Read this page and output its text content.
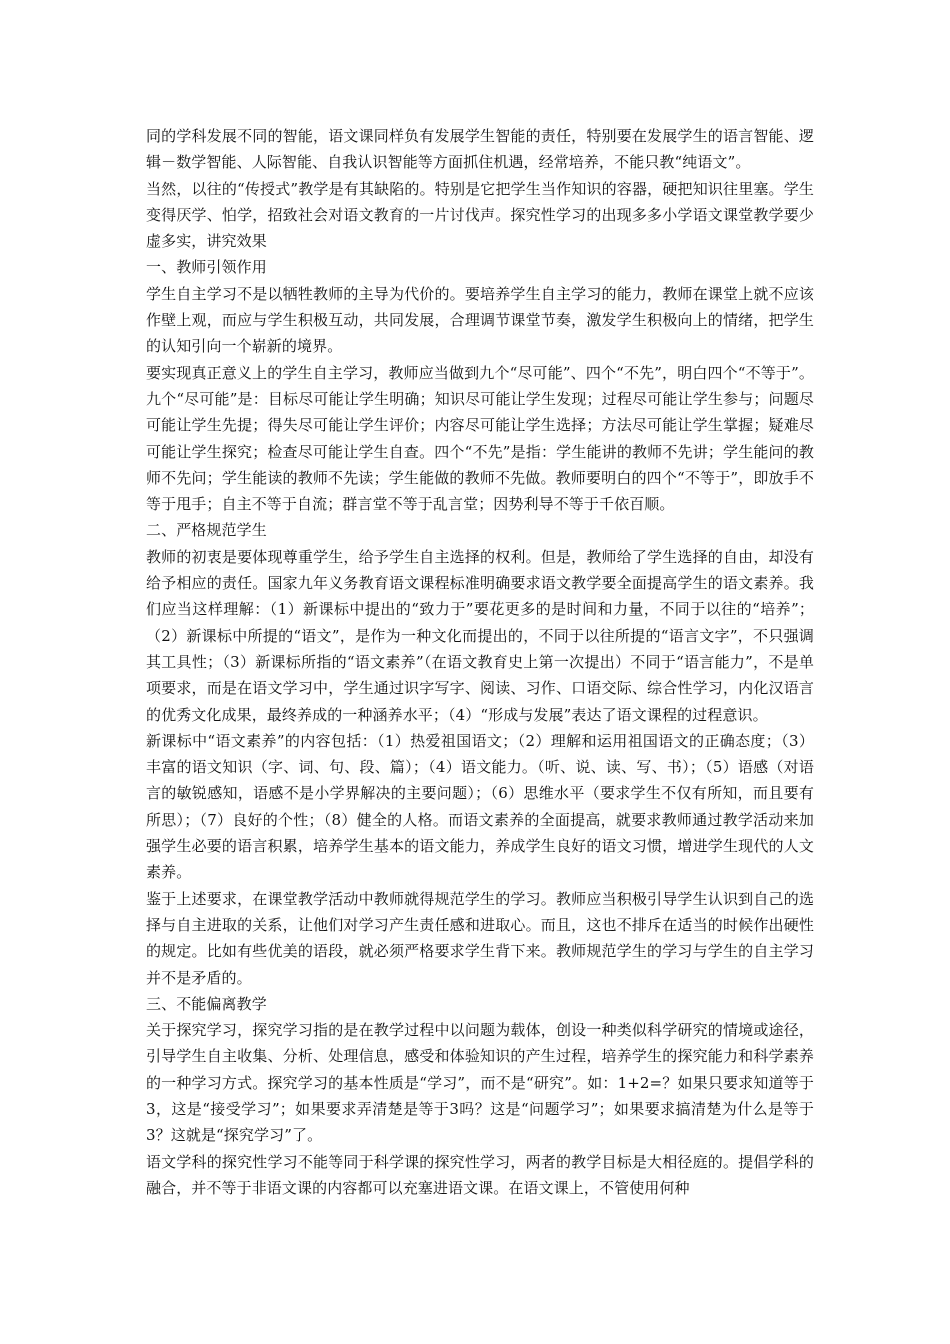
同的学科发展不同的智能，语文课同样负有发展学生智能的责任，特别要在发展学生的语言智能、逻辑－数学智能、人际智能、自我认识智能等方面抓住机遇，经常培养，不能只教“纯语文”。

当然，以往的“传授式”教学是有其缺陷的。特别是它把学生当作知识的容器，硬把知识往里塞。学生变得厌学、怕学，招致社会对语文教育的一片讨伐声。探究性学习的出现多多小学语文课堂教学要少虚多实，讲究效果

一、教师引领作用

学生自主学习不是以牺牲教师的主导为代价的。要培养学生自主学习的能力，教师在课堂上就不应该作壁上观，而应与学生积极互动，共同发展，合理调节课堂节奏，激发学生积极向上的情绪，把学生的认知引向一个崭新的境界。

要实现真正意义上的学生自主学习，教师应当做到九个“尽可能”、四个“不先”，明白四个“不等于”。九个“尽可能”是：目标尽可能让学生明确；知识尽可能让学生发现；过程尽可能让学生参与；问题尽可能让学生先提；得失尽可能让学生评价；内容尽可能让学生选择；方法尽可能让学生掌握；疑难尽可能让学生探究；检查尽可能让学生自查。四个“不先”是指：学生能讲的教师不先讲；学生能问的教师不先问；学生能读的教师不先读；学生能做的教师不先做。教师要明白的四个“不等于”，即放手不等于甩手；自主不等于自流；群言堂不等于乱言堂；因势利导不等于千依百顺。

二、严格规范学生

教师的初衷是要体现尊重学生，给予学生自主选择的权利。但是，教师给了学生选择的自由，却没有给予相应的责任。国家九年义务教育语文课程标准明确要求语文教学要全面提高学生的语文素养。我们应当这样理解：（1）新课标中提出的“致力于”要花更多的是时间和力量，不同于以往的“培养”；（2）新课标中所提的“语文”，是作为一种文化而提出的，不同于以往所提的“语言文字”，不只强调其工具性；（3）新课标所指的“语文素养”（在语文教育史上第一次提出）不同于“语言能力”，不是单项要求，而是在语文学习中，学生通过识字写字、阅读、习作、口语交际、综合性学习，内化汉语言的优秀文化成果，最终养成的一种涵养水平；（4）“形成与发展”表达了语文课程的过程意识。

新课标中“语文素养”的内容包括：（1）热爱祖国语文；（2）理解和运用祖国语文的正确态度；（3）丰富的语文知识（字、词、句、段、篇）；（4）语文能力。（听、说、读、写、书）；（5）语感（对语言的敏锐感知，语感不是小学界解决的主要问题）；（6）思维水平（要求学生不仅有所知，而且要有所思）；（7）良好的个性；（8）健全的人格。而语文素养的全面提高，就要求教师通过教学活动来加强学生必要的语言积累，培养学生基本的语文能力，养成学生良好的语文习惯，增进学生现代的人文素养。

鉴于上述要求，在课堂教学活动中教师就得规范学生的学习。教师应当积极引导学生认识到自己的选择与自主进取的关系，让他们对学习产生责任感和进取心。而且，这也不排斥在适当的时候作出硬性的规定。比如有些优美的语段，就必须严格要求学生背下来。教师规范学生的学习与学生的自主学习并不是矛盾的。

三、不能偏离教学

关于探究学习，探究学习指的是在教学过程中以问题为载体，创设一种类似科学研究的情境或途径，引导学生自主收集、分析、处理信息，感受和体验知识的产生过程，培养学生的探究能力和科学素养的一种学习方式。探究学习的基本性质是“学习”，而不是“研究”。如：1+2=？如果只要求知道等于3，这是“接受学习”；如果要求弄清楚是等于3吗？这是“问题学习”；如果要求搞清楚为什么是等于3？这就是“探究学习”了。

语文学科的探究性学习不能等同于科学课的探究性学习，两者的教学目标是大相径庭的。提倡学科的融合，并不等于非语文课的内容都可以充塞进语文课。在语文课上，不管使用何种
